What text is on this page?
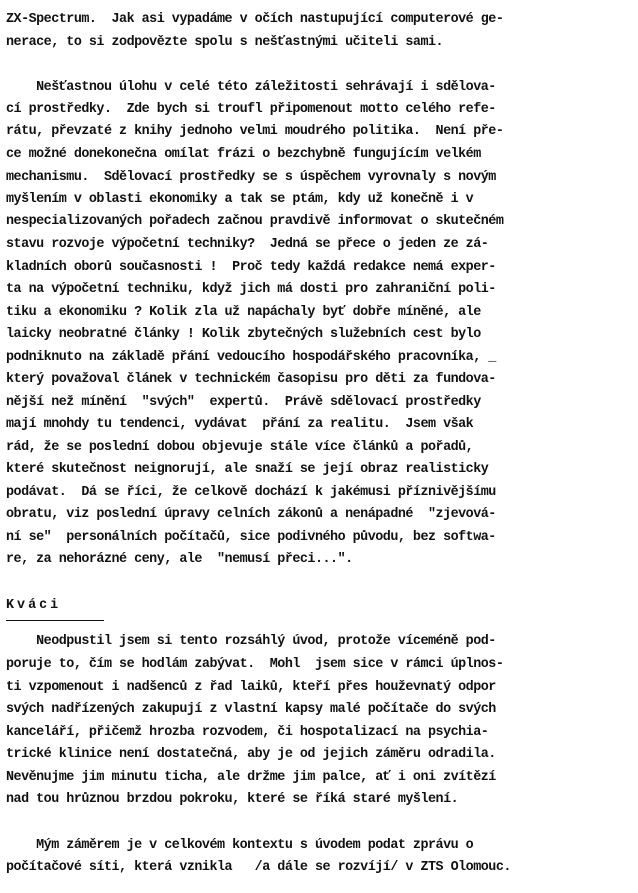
ZX-Spectrum.  Jak asi vypadáme v očích nastupující computerové ge-
nerace, to si zodpovězte spolu s nešťastnými učiteli sami.
Nešťastnou úlohu v celé této záležitosti sehrávají i sdělova-
cí prostředky.  Zde bych si troufl připomenout motto celého refe-
rátu, převzaté z knihy jednoho velmi moudrého politika.  Není pře-
ce možné donekonečna omílat frázi o bezchybně fungujícím velkém
mechanismu.  Sdělovací prostředky se s úspěchem vyrovnaly s novým
myšlením v oblasti ekonomiky a tak se ptám, kdy už konečně i v
nespecializovaných pořadech začnou pravdivě informovat o skutečném
stavu rozvoje výpočetní techniky?  Jedná se přece o jeden ze zá-
kladních oborů současnosti !  Proč tedy každá redakce nemá exper-
ta na výpočetní techniku, když jich má dosti pro zahraniční poli-
tiku a ekonomiku ? Kolik zla už napáchaly byť dobře míněné, ale
laicky neobratné články ! Kolik zbytečných služebních cest bylo
podniknuto na základě přání vedoucího hospodářského pracovníka, _
který považoval článek v technickém časopisu pro děti za fundova-
nější než mínění  "svých"  expertů.  Právě sdělovací prostředky
mají mnohdy tu tendenci, vydávat  přání za realitu.  Jsem však
rád, že se poslední dobou objevuje stále více článků a pořadů,
které skutečnost neignorují, ale snaží se její obraz realisticky
podávat.  Dá se říci, že celkově dochází k jakémusi příznivějšímu
obratu, viz poslední úpravy celních zákonů a nenápadné  "zjevová-
ní se"  personálních počítačů, sice podivného původu, bez softwa-
re, za nehorázné ceny, ale  "nemusí přeci...".
Kváci
Neodpustil jsem si tento rozsáhlý úvod, protože víceméně pod-
poruje to, čím se hodlám zabývat.  Mohl  jsem sice v rámci úplnos-
ti vzpomenout i nadšenců z řad laiků, kteří přes houževnatý odpor
svých nadřízených zakupují z vlastní kapsy malé počítače do svých
kanceláří, přičemž hrozba rozvodem, či hospotalizací na psychia-
trické klinice není dostatečná, aby je od jejich záměru odradila.
Nevěnujme jim minutu ticha, ale držme jim palce, ať i oni zvítězí
nad tou hrůznou brzdou pokroku, které se říká staré myšlení.
Mým záměrem je v celkovém kontextu s úvodem podat zprávu o
počítačové síti, která vznikla   /a dále se rozvíjí/ v ZTS Olomouc.
